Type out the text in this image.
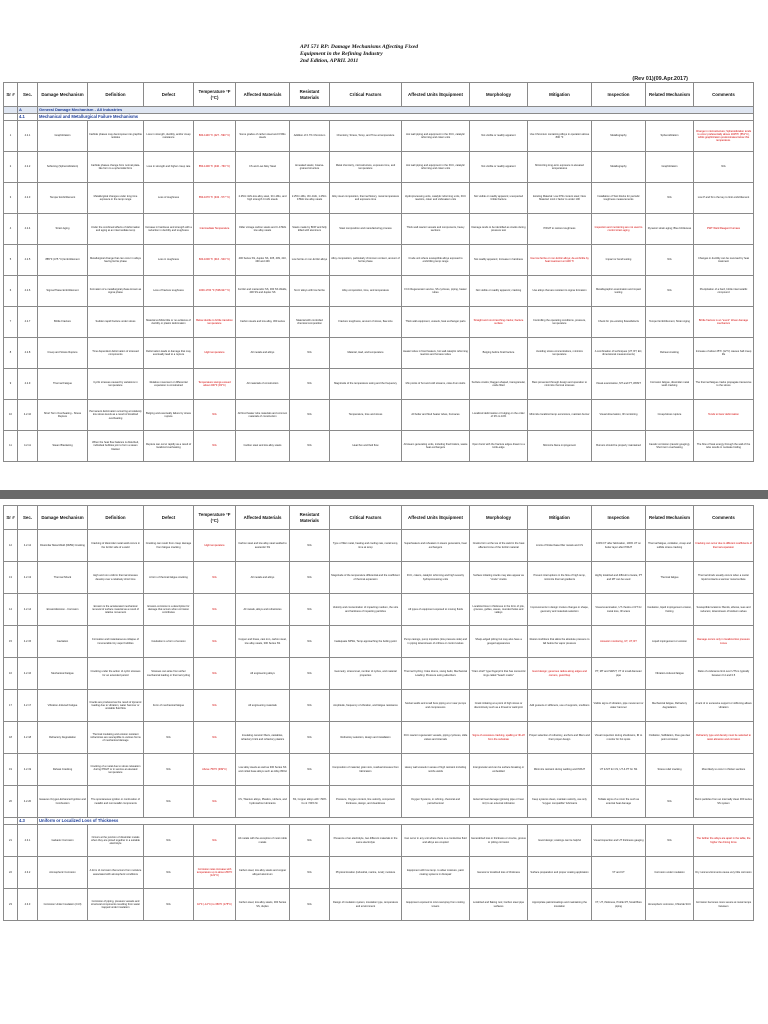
API 571 RP: Damage Mechanisms Affecting Fixed
Equipment in the Refining Industry
2nd Edition, APRIL 2011
(Rev 01)(09.Apr.2017)
Sr #	Sec.	Damage Mechanism	Definition	Defect	Temperature °F (°C)	Affected Materials	Resistant Materials	Critical Factors	Affected Units /Equipment	Morphology	Mitigation	Inspection	Related Mechanism	Comments
	A	General Damage Mechanism - All Industries												
	4.1	Mechanical and Metallurgical Failure Mechanisms												
1	4.2.1	Graphitization	Carbide phases may decompose into graphite nodules	Loss in strength, ductility, and/or creep resistance	800-1100 °F (427 - 593 °C)	Some grades of carbon steel and 0.5Mo steels	Addition of 0.7% Chromium	Chemistry, Stress, Temp, and Time at temperature	Hot wall piping and equipment in the FCC, catalytic reforming and coker units	Not visible or readily apparent	Use Chromium containing Alloys in operation above 800 °F	Metallography	Spheroidization	Change in microstructure; Spheroidization tends to occur preferentially above 1025°F (551°C), whilst graphitization predominates below this temperature.
2	4.2.2	Softening (Spheroidization)	Carbide phases change from normal plate-like form to a spheroidal form	Loss in strength and higher creep rate	850-1400 °F (440 - 760 °C)	CS and Low Alloy Steel	Annealed steels; Coarse-grained structure	Metal chemistry, microstructure, exposure time, and temperature	Hot wall piping and equipment in the FCC, catalytic reforming and coker units	Not visible or readily apparent	Minimizing long-term exposure to elevated temperatures	Metallography	Graphitization	N/A
3	4.2.3	Temper Embrittlement	Metallurgical changes under long time exposure in the temp range	Loss of toughness	650-1070 °F (343 - 577 °C)	2.25Cr-1Mo low alloy steel, 3Cr-1Mo, and high strength Cr-Mo steels	2.25Cr-1Mo, 3Cr-1Mo, 1.25Cr-0.5Mo low alloy steels	Alloy steel composition, thermal history, metal temperature and exposure time	Hydroprocessing units, catalytic reforming units, FCC reactors, coker and visbreaker units	Not visible or readily apparent; unexpected brittle fracture	Existing Material: Low P/Si content steel; New Material: Limit J factor to under 100	Installation of Test blocks for periodic toughness measurements	N/A	Low P and Si is the key to limit embrittlement
4	4.2.4	Strain Aging	Under the combined effects of deformation and aging at an intermediate temp	Increase in hardness and strength with a reduction in ductility and toughness	Intermediate Temperature	Older vintage carbon steels and C-0.5Mo low alloy steels	Steels made by BOP and fully killed with aluminum	Steel composition and manufacturing process	Thick wall reactor vessels and components, heavy sections	Damage tends to be identified as cracks during pressure test	PWHT to restore toughness	Inspection and monitoring are not used to control strain aging	Dynamic strain aging; Blue brittleness	PWT Weld Reagent Furnace
5	4.2.5	885°F (475 °C) Embrittlement	Metallurgical change that can occur in alloys having ferrite phase	Loss in toughness	600-1000 °F (316 - 540 °C)	400 Series SS, duplex SS, 405, 409, 410, 430 and 446	Low ferrite or non-ferritic alloys	Alloy composition, particularly chromium content, amount of ferrite phase	Crude unit where susceptible alloys exposed to embrittling temp range	Not readily apparent; Increase in hardness	Use low ferrite or non-ferritic alloys; de-embrittle by heat treatment at 1100 °F	Impact or bend testing	N/A	Changes in ductility can be reversed by heat treatment
6	4.2.6	Sigma Phase Embrittlement	Formation of a metallurgical phase known as sigma phase	Loss of fracture toughness	1000-1700 °F (538-927 °C)	Ferritic and martensitic SS, 300 SS Welds, 400 SS and duplex SS	Ni-Cr alloys with low ferrite	Alloy composition, time, and temperature	FCC Regenerator service, SS cyclones, piping, heater tubes	Not visible or readily apparent; cracking	Use alloys that are resistant to sigma formation	Metallographic examination and impact testing	N/A	Precipitation of a hard, brittle intermetallic compound
7	4.2.7	Brittle Fracture	Sudden rapid fracture under stress	Material exhibits little or no evidence of ductility or plastic deformation	Below ductile to brittle transition temperature	Carbon steels and low alloy, 300 series	Material with controlled chemical composition	Fracture toughness, amount of stress, flaw size	Thick wall equipment, vessels, heat exchanger parts	Straight and non-branching cracks; fracture surface	Controlling the operating conditions, pressure, temperature	Check for pre-existing flaws/defects	Temper Embrittlement, Strain Aging	Brittle fracture is an "event" driven damage mechanism
8	4.2.8	Creep and Stress Rupture	Time dependent deformation of stressed components	Deformation leads to damage that may eventually lead to a rupture	High temperature	All metals and alloys	N/A	Material, load, and temperature	Heater tubes in fired heaters, hot wall catalytic reforming reactors and furnace tubes	Bulging before final fracture	Avoiding stress concentrations, minimize temperature	A combination of techniques (UT, RT, EC, dimensional measurements)	Reheat cracking	Increase of about 25°F (12°C) causes half creep life
9	4.2.9	Thermal Fatigue	Cyclic stresses caused by variations in temperature	Relative movement or differential expansion is constrained	Temperature swings exceed about 200°F (93°C)	All materials of construction	N/A	Magnitude of the temperature swing and the frequency	Mix points of hot and cold streams, coke drum skirts	Surface cracks; Dagger-shaped, transgranular, oxide filled	Best prevented through design and operation to minimize thermal stresses	Visual examination, MT and PT, WFMT	Corrosion fatigue, dissimilar metal weld cracking	The thermal fatigue cracks propagate transverse to the stress
10	4.2.10	Short Term Overheating - Stress Rupture	Permanent deformation occurring at relatively low stress levels as a result of localized overheating	Bulging and eventually failure by stress rupture	N/A	All fired heater tube materials and common materials of construction	N/A	Temperature, time and stress	All boiler and fired heater tubes, Furnaces	Localized deformation or bulging on the order of 3% to 10%	Minimize localized temp excursions, maintain burner	Visual observation, IR monitoring	Creep/stress rupture	Tends to favor deformation
11	4.2.11	Steam Blanketing	When the heat flow balance is disturbed, individual bubbles join to form a steam blanket	Rupture can occur rapidly as a result of localized overheating	N/A	Carbon steel and low alloy steels	N/A	Heat flux and fluid flow	All steam generating units, including fired boilers, waste heat exchangers	Open burst with the fracture edges drawn to a knife-edge	Minimize flame impingement	Burners should be properly maintained	Caustic corrosion (caustic gouging), Short term overheating	The flow of heat energy through the wall of the tube results in nucleate boiling
Sr #	Sec.	Damage Mechanism	Definition	Defect	Temperature °F (°C)	Affected Materials	Resistant Materials	Critical Factors	Affected Units /Equipment	Morphology	Mitigation	Inspection	Related Mechanism	Comments
12	4.2.12	Dissimilar Metal Weld (DMW) Cracking	Cracking of dissimilar metal weld occurs in the ferritic side of a weld	Cracking can result from creep damage from fatigue cracking	High temperature	Carbon steel and low alloy steel welded to austenitic SS	N/A	Type of filler metal, heating and cooling rate, metal temp, time at temp	Superheaters and reheaters in steam generators, heat exchangers	Cracks form at the toe of the weld in the heat affected zone of the ferritic material	Limits of Nickel base filler metals and CS	100% FT after fabrication, 100% UT on butter layer after PWHT	Thermal fatigue, oxidation, creep and sulfide stress cracking	Cracking can occur due to different coefficients of thermal expansion
13	4.2.13	Thermal Shock	High and non uniform thermal stresses develop over a relatively short time	A form of thermal fatigue cracking	N/A	All metals and alloys	N/A	Magnitude of the temperature differential and the coefficient of thermal expansion	FCC, cokers, catalytic reforming and high severity hydroprocessing units	Surface initiating cracks may also appear as "craze" cracks	Prevent interruptions in the flow of high temp, minimize thermal gradients	Highly localized and difficult to locate, PT and MT can be used	Thermal fatigue	Thermal shock usually occurs when a cooler liquid contacts a warmer metal surface
14	4.2.14	Erosion/Erosion - Corrosion	Erosion is the accelerated mechanical removal of surface material as a result of relative movement	Erosion-corrosion is a description for damage that occurs when corrosion contributes	N/A	All metals, alloys and refractories	N/A	Velocity and concentration of impacting medium, the size and hardness of impacting particles	All types of equipment exposed to moving fluids	Localized loss in thickness in the form of pits, grooves, gullies, waves, rounded holes and valleys	Improvements in design involve changes in shape, geometry and materials selection	Visual examination, UT checks or RT for metal loss, IR scans	Cavitation, liquid impingement erosion, fretting	Susceptible locations: Bends, elbows, tees and reducers; downstream of letdown valves
15	4.2.15	Cavitation	Formation and instantaneous collapse of innumerable tiny vapor bubbles	Cavitation is a form of erosion	N/A	Copper and brass, cast iron, carbon steel, low alloy steels, 300 Series SS	N/A	Inadequate NPSH, Temp approaching the boiling point	Pump casings, pump impellers (low pressure side) and in piping downstream of orifices or control valves	Sharp-edged pitting but may also have a gouged appearance	Resist conditions that allow the absolute pressure to fall below the vapor pressure	Acoustic monitoring, UT, UT, RT	Liquid impingement or erosion	Damage occurs only in localized low pressure zones
16	4.2.16	Mechanical Fatigue	Cracking under the action of cyclic stresses for an extended period	Stresses can arise from either mechanical loading or thermal cycling	N/A	All engineering alloys	N/A	Geometry, stress level, number of cycles, and material properties	Thermal Cycling: Coke drums, swing beds; Mechanical Loading: Pressure swing adsorbers	"Clam shell" type fingerprint that has concentric rings called "beach marks"	Good design; generous radius along edges and corners, good fitup	PT, MT and SWUT; VT of small diameter pipe	Vibration-induced fatigue	Ratio of endurance limit over UTS is typically between 0.4 and 0.5
17	4.2.17	Vibration-Induced Fatigue	Cracks are produced as the result of dynamic loading due to vibration, water hammer or unstable fluid flow	Form of mechanical fatigue	N/A	All engineering materials	N/A	Amplitude, frequency of vibration, and fatigue resistance	Socket welds and small bore piping at or near pumps and compressors	Crack initiating at a point of high stress or discontinuity such as a thread or weld joint	Add gussets or stiffeners, use of supports, snubbers	Visible signs of vibration, pipe movement or water hammer	Mechanical fatigue, Refractory degradation	A lack of or excessive support or stiffening allows vibration
18	4.2.18	Refractory Degradation	Thermal insulating and erosion resistant refractories are susceptible to various forms of mechanical damage	N/A	N/A	Insulating ceramic fibers, castables, refractory brick and refractory plastics	N/A	Refractory selection, design and installation	FCC reactor regenerator vessels, piping cyclones, slide valves and internals	Signs of excessive cracking, spalling or lift-off from the substrate	Proper selection of refractory, anchors and fillers and their proper design	Visual inspection during shutdowns, IR to monitor for hot spots	Oxidation, Sulfidation, Flue gas dew point corrosion	Refractory type and density must be selected to resist abrasion and corrosion
19	4.2.19	Reheat Cracking	Cracking of a metal due to stress relaxation during PWHT or in service at elevated temperature	N/A	Above 750°F (399°C)	Low alloy steels as well as 300 Series SS and nickel base alloys such as Alloy 800H	N/A	Composition of material, grain size, residual stresses from fabrication	Heavy wall vessels in areas of high restraint including nozzle welds	Intergranular and can be surface breaking or embedded	Minimize restraint during welding and PWHT	UT & MT for CS, UT & PT for SS	Stress relief cracking	Most likely to occur in thicker sections
20	4.2.20	Gaseous Oxygen-Enhanced Ignition and Combustion	The spontaneous ignition or combustion of metallic and nonmetallic components	N/A	N/A	CS, Titanium alloys, Plastics, rubbers, and hydrocarbon lubricants	SS, Copper alloys with >50% Cu & >50% Ni	Pressure, Oxygen content, line velocity, component thickness, design, and cleanliness	Oxygen Systems, in refining, chemical and petrochemical	External heat damage (glowing pipe or heat tint) to an external indication	Keep systems clean, maintain velocity, use only "oxygen compatible" lubricants	Telltale signs of a minor fire such as external heat damage	N/A	Burnt particles from an internally clean 300 series SS system
	4.3	Uniform or Localized Loss of Thickness												
21	4.3.1	Galvanic Corrosion	Occurs at the junction of dissimilar metals when they are joined together in a suitable electrolyte	N/A	N/A	All metals with the exception of most noble metals	N/A	Presence of an electrolyte, two different materials in the same electrolyte	Can occur in any unit where there is a conductive fluid and alloys are coupled	Generalized loss in thickness or crevice, groove or pitting corrosion	Good design; coatings can be helpful	Visual inspection and UT thickness gauging	N/A	The farther the alloys are apart in the table, the higher the driving force
22	4.3.2	Atmospheric Corrosion	A form of corrosion that occurs from moisture associated with atmospheric conditions	N/A	Corrosion rates increase with temperature up to about 250°F (121°C)	Carbon steel, low alloy steels and copper alloyed aluminum	N/A	Physical location (industrial, marine, rural); moisture	Equipment with low temp. to allow moisture, paint coating systems in disrepair	General or localized loss of thickness	Surface preparation and proper coating application	VT and UT	Corrosion under insulation	Dry rural environments cause very little corrosion
23	4.3.3	Corrosion Under Insulation (CUI)	Corrosion of piping, pressure vessels and structural components resulting from water trapped under insulation	N/A	10°F (-12°C) to 350°F (175°C)	Carbon steel, low alloy steels, 300 Series SS, duplex	N/A	Design of insulation system, insulation type, temperature and environment	Equipment exposed to mist overspray from cooling towers	Localized and flaking rust; Carbon steel pipe surfaces	Appropriate paints/coatings and maintaining the insulation	VT, UT, thickness, Profile RT, Small Bore piping	Atmospheric corrosion, Chloride SCC	Corrosion becomes more severe at metal temps between
